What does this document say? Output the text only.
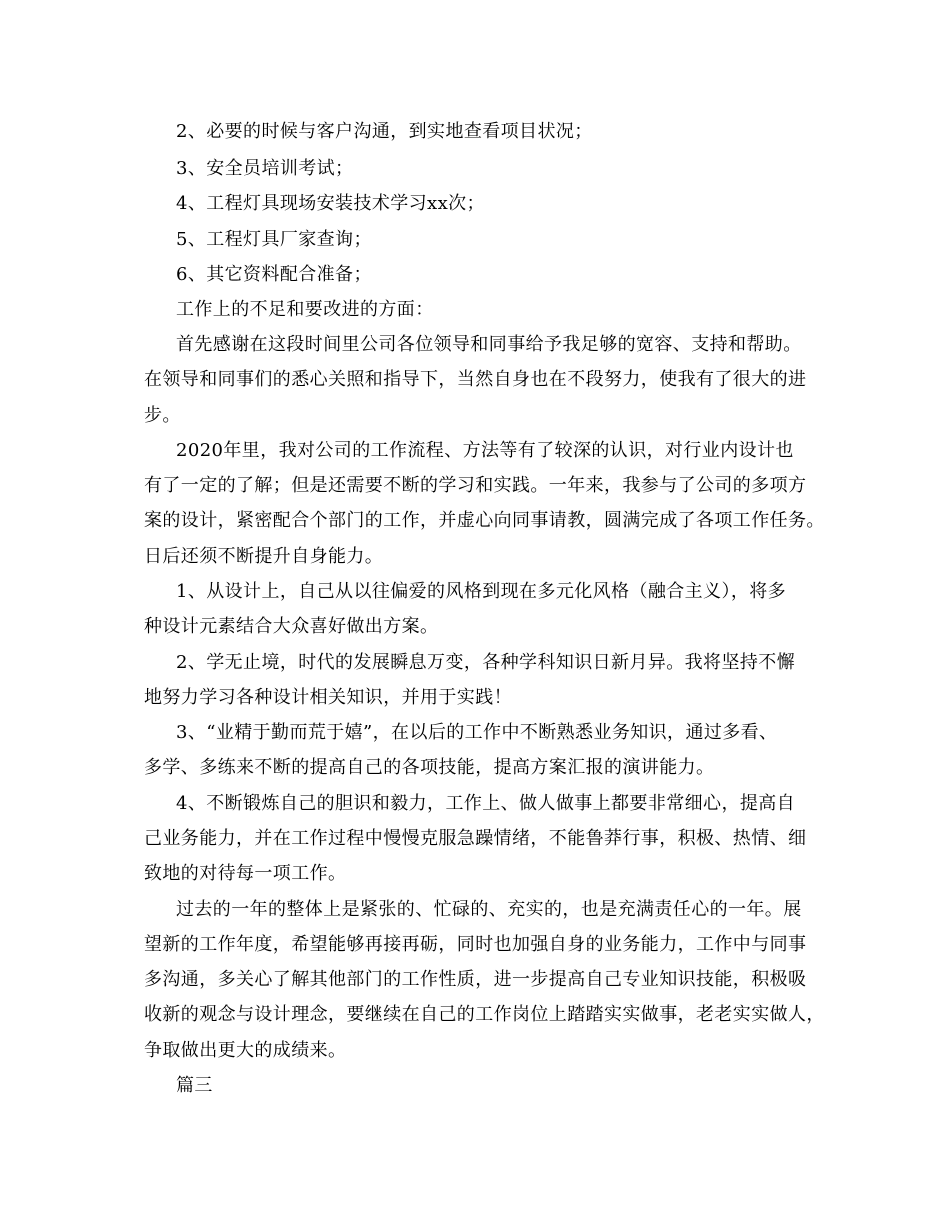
2、必要的时候与客户沟通，到实地查看项目状况；
3、安全员培训考试；
4、工程灯具现场安装技术学习xx次；
5、工程灯具厂家查询；
6、其它资料配合准备；
工作上的不足和要改进的方面：
首先感谢在这段时间里公司各位领导和同事给予我足够的宽容、支持和帮助。
在领导和同事们的悉心关照和指导下，当然自身也在不段努力，使我有了很大的进
步。
2020年里，我对公司的工作流程、方法等有了较深的认识，对行业内设计也
有了一定的了解；但是还需要不断的学习和实践。一年来，我参与了公司的多项方
案的设计，紧密配合个部门的工作，并虚心向同事请教，圆满完成了各项工作任务。
日后还须不断提升自身能力。
1、从设计上，自己从以往偏爱的风格到现在多元化风格（融合主义），将多
种设计元素结合大众喜好做出方案。
2、学无止境，时代的发展瞬息万变，各种学科知识日新月异。我将坚持不懈
地努力学习各种设计相关知识，并用于实践！
3、“业精于勤而荒于嬉”，在以后的工作中不断熟悉业务知识，通过多看、
多学、多练来不断的提高自己的各项技能，提高方案汇报的演讲能力。
4、不断锻炼自己的胆识和毅力，工作上、做人做事上都要非常细心，提高自
己业务能力，并在工作过程中慢慢克服急躁情绪，不能鲁莽行事，积极、热情、细
致地的对待每一项工作。
过去的一年的整体上是紧张的、忙碌的、充实的，也是充满责任心的一年。展
望新的工作年度，希望能够再接再砺，同时也加强自身的业务能力，工作中与同事
多沟通，多关心了解其他部门的工作性质，进一步提高自己专业知识技能，积极吸
收新的观念与设计理念，要继续在自己的工作岗位上踏踏实实做事，老老实实做人，
争取做出更大的成绩来。
篇三
